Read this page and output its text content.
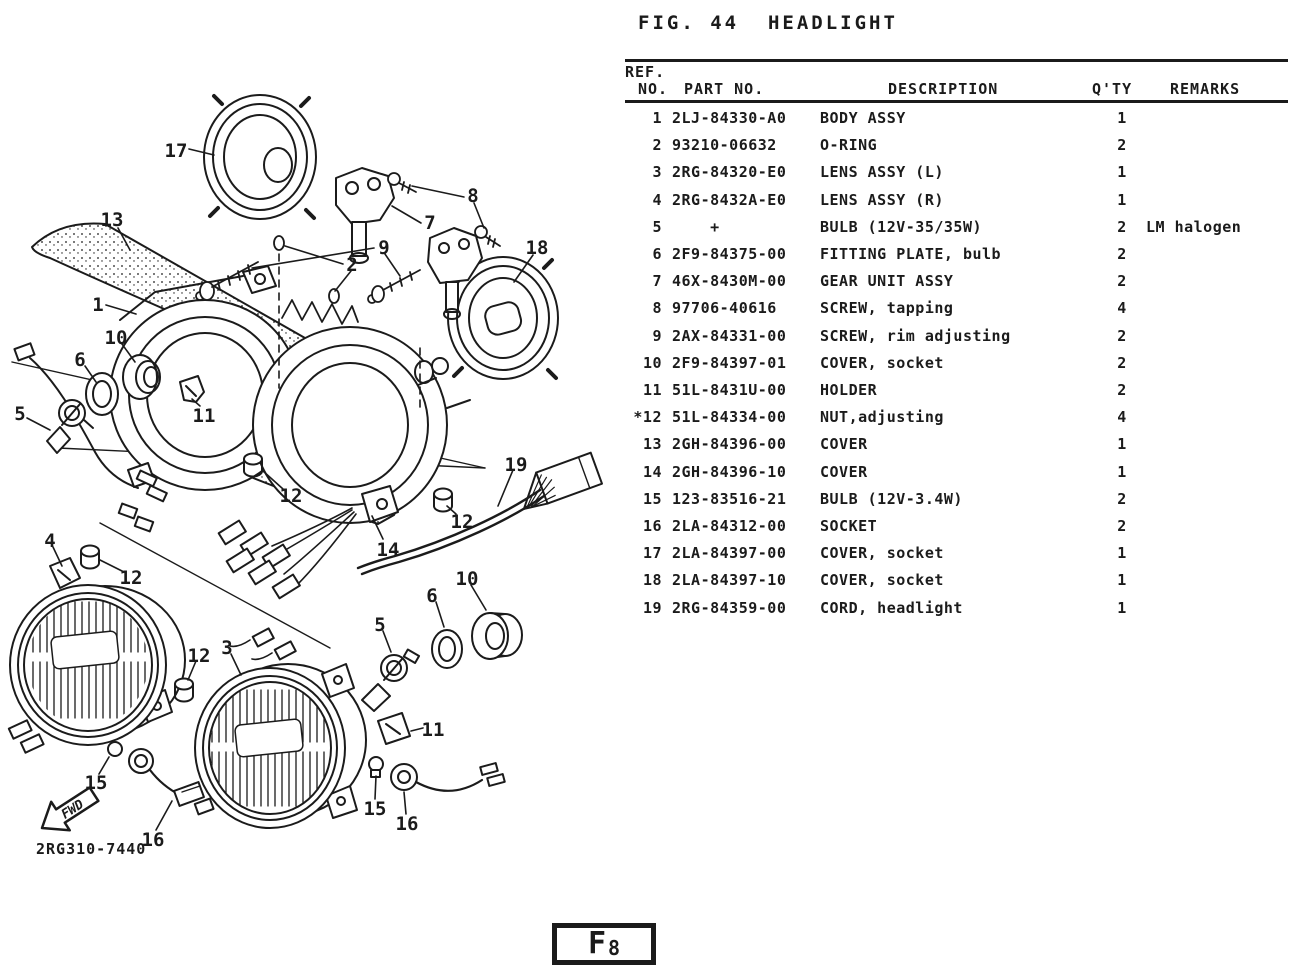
FWD
2RG310-7440
17
13
1
10
6
5	11
2
9
7
8
18
19
14
12
12
12
12
4
3
5
6
10
11
15
16
15
16
FIG. 44  HEADLIGHT
REF.
NO. PART NO.	DESCRIPTION	Q'TY	REMARKS
1 2LJ-84330-A0 BODY ASSY	1
2 93210-06632	O-RING	2
3 2RG-84320-E0 LENS ASSY (L)	1
4 2RG-8432A-E0 LENS ASSY (R)	1
5 +	BULB (12V-35/35W)	2	LM halogen
6 2F9-84375-00 FITTING PLATE, bulb	2
7 46X-8430M-00 GEAR UNIT ASSY	2
8 97706-40616	SCREW, tapping	4
9 2AX-84331-00 SCREW, rim adjusting	2
10 2F9-84397-01 COVER, socket	2
11 51L-8431U-00 HOLDER	2
*12 51L-84334-00 NUT,adjusting	4
13 2GH-84396-00 COVER	1
14 2GH-84396-10 COVER	1
15 123-83516-21 BULB (12V-3.4W)	2
16 2LA-84312-00 SOCKET	2
17 2LA-84397-00 COVER, socket	1
18 2LA-84397-10 COVER, socket	1
19 2RG-84359-00 CORD, headlight	1
F 8
